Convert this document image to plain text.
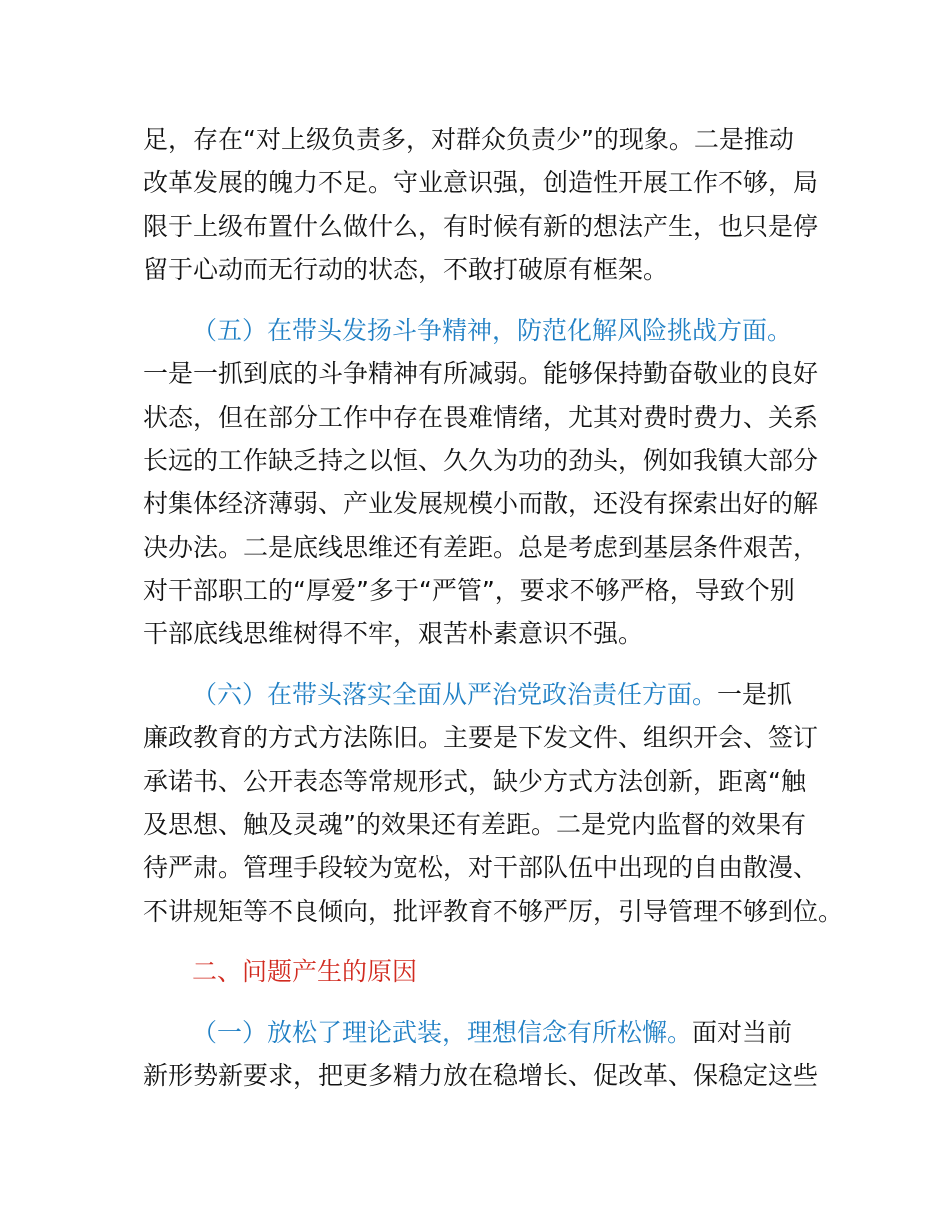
足，存在“对上级负责多，对群众负责少”的现象。二是推动
改革发展的魄力不足。守业意识强，创造性开展工作不够，局
限于上级布置什么做什么，有时候有新的想法产生，也只是停
留于心动而无行动的状态，不敢打破原有框架。
（五）在带头发扬斗争精神，防范化解风险挑战方面。
一是一抓到底的斗争精神有所减弱。能够保持勤奋敬业的良好
状态，但在部分工作中存在畏难情绪，尤其对费时费力、关系
长远的工作缺乏持之以恒、久久为功的劲头，例如我镇大部分
村集体经济薄弱、产业发展规模小而散，还没有探索出好的解
决办法。二是底线思维还有差距。总是考虑到基层条件艰苦，
对干部职工的“厚爱”多于“严管”，要求不够严格，导致个别
干部底线思维树得不牢，艰苦朴素意识不强。
（六）在带头落实全面从严治党政治责任方面。一是抓
廉政教育的方式方法陈旧。主要是下发文件、组织开会、签订
承诺书、公开表态等常规形式，缺少方式方法创新，距离“触
及思想、触及灵魂”的效果还有差距。二是党内监督的效果有
待严肃。管理手段较为宽松，对干部队伍中出现的自由散漫、
不讲规矩等不良倾向，批评教育不够严厉，引导管理不够到位。
二、问题产生的原因
（一）放松了理论武装，理想信念有所松懈。面对当前
新形势新要求，把更多精力放在稳增长、促改革、保稳定这些
